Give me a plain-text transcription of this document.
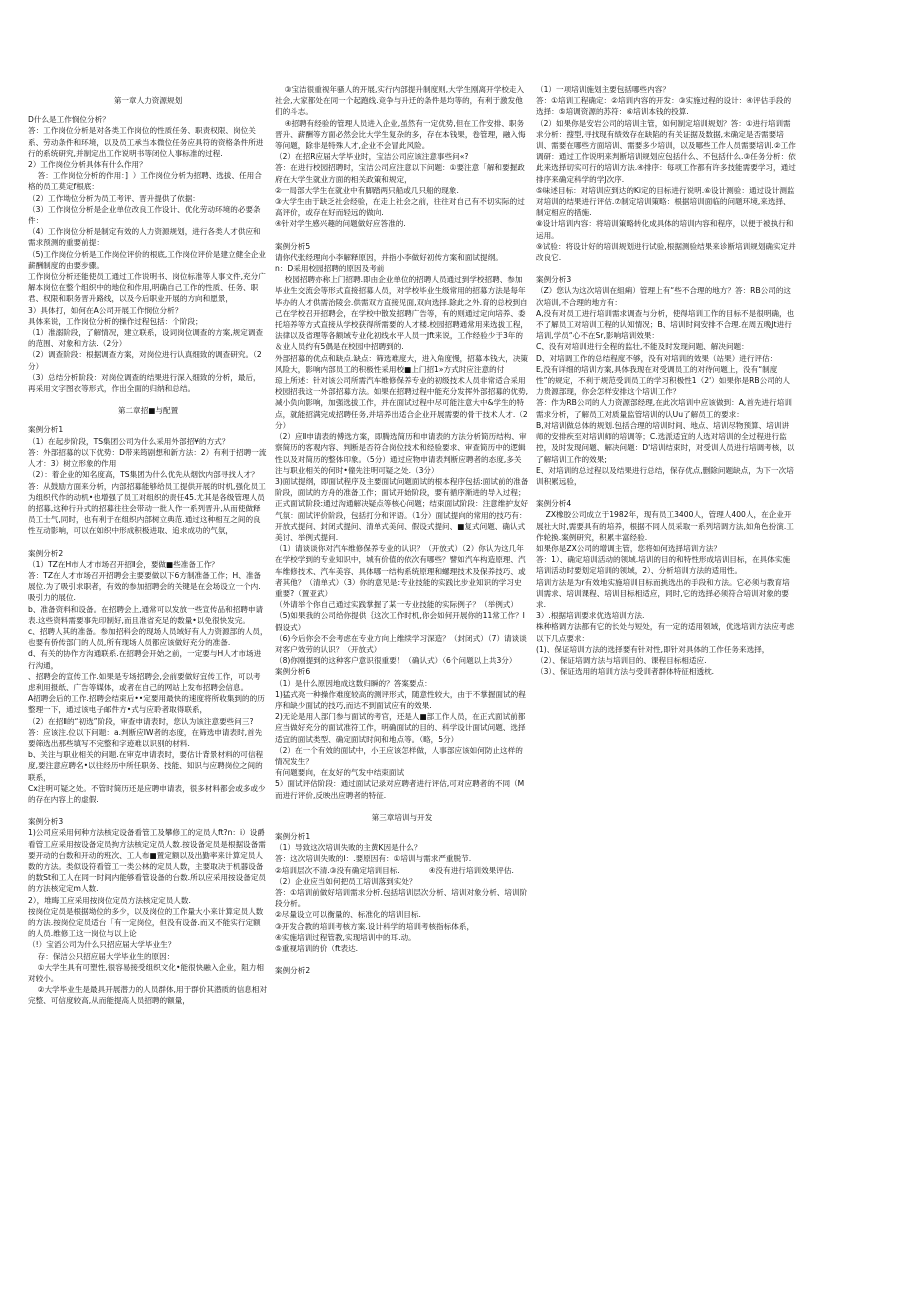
第一章人力资源规划

D什么是工作悯位分析？

答：工作岗位分析是对各类工作岗位的性质任务、职责权限、岗位关系、劳动条件和环境，以及员工承当本微位任务应具符的资格条件所进行的系统研究,并制定出工作说明书等闭位人事标准的过程.

2）工作岗位分析具体有什么作用？

答：工作岗位分析的作用：]  ）工作岗位分析为招聘、选拔、任用合格的员工莫定f根底：

（2）工作坳位分析为员工考评、晋升提供了依据：

（3）工作岗位分析是企业单位改良工作设计、优化劳动环境的必要条件：

（4）工作岗位分析是制定有效的人力资源规划，进行各类人才供应和需求预测的重要前提：

（5)工作岗位分析是工作岗位评价的根底,工作岗位评价是建立健全企业薪酬制度的由要步骤。

工作岗位分析还能使员工通过工作说明书、岗位标准等人事文件,充分广解本岗位在整个组织中的地位和作用,明确自己工作的性质、任务、职君、权限和职务晋升路线，以及今后职业开展的方向和愿景，

3）具体打，如何在A公司开展工作悯位分析？

具体来说，工作岗位分析的操作过程包括：个阶段；

（1）准溺阶段，了解情况，建立联系，设词岗位调查的方案,规定调查的范围、对象和方法.（2分）

（2）调查阶段：根据调查方案，对岗位进行认真细致的调查研究。（2分）

（3）总结分析阶段：对岗位调查的结果进行深入细致的分析，最后，再采用文字图衣等形式，作出全面的归纳和总结。

第二章招■与配置

案例分析1

（1）在起步阶段，TS集团公司为什么采用外部招¥的方式？

答：外部招募的以下优势：D带来筠剧想和新方法：2）有利于招聘一流人才：3）树立形象的作用

（2）：着企业的知名度高，TS集团为什么优先从烟饮内部寻找人才？

答：从鼓励方面来分析，内部招募能够给员工提供开展的时机,强化员工为组织代作的动机•也增强了员工对组织的责任45.尤其是各级管理人员的招募,这种行升式的招募往往会带动一批人作一系列晋升,从而使做释员工士气,同时，也有利于在组织内部树立典范.通过这种相互之间的良性互动影响，可以在如织中形成积极进取、追求成功的气氛，

案例分析2

（1）TZ在H市人才市场召开招Ⅱ会，要做■些准备工作？

答：TZ在人才市场召开招聘会主要要做以下6方制准备工作；H、准备展位.为了吸引求职者，有效的参加招聘会的关键是在会场设立一个内.吸引力的展位.

b、准备资料和设备。在招聘会上,通常可以发放一些宣传品和招聘申请表.这些资料需要事先印制好,而且准省充足的数量•以免很快发完。

c、招聘人其的准备。参加招科会的现场人员域好有人力资源部的人员，也要有侨传部门的人员,所有现场人员都应该做好充分的准备.

d、有关的协作方沟通联系.在招聘会开始之前，一定要与H人才市场进行沟通，

、招聘会的宣传工作.如果是专场招聘会,会前要做好宜传工作，可以考虑利用报纸、广告等媒体，或者在自己的网站上发布招聘会信息。

A招聘会后的工作.招聘会结束后••定要用最快的速度将所收集到的的历整理一下，通过该电子邮件方•式与应聆者取得联系，

（2）在招Ⅱ的“初选”阶段，审查申请表时，您认为该注意要些问三?

答：应该注.位以下问题：a.判断应IW者的态度，在筛选申请表时,首先要筛选出那些填写不完整和字迹难以识别的材料.

b、关注与职业相关的问题.在审克申请表时，要估计背景材料的可信程度,要注意应聘名•以往经历中所任职务、技能、知识与应聘岗位之间的联系，

Cx注明可疑之处。不管时简历还是应聘申请表，很多材料都会或多或少的存在内容上的虚假.

案例分析3

1)公司应采用何种方法核定设备看管工及攀修工的定员人ft?n：i）设爵看管工应采用按设备定员拘方法核定定员人数.按设备定员是根据设备需要开动的台数和开动的班次、工人布■置定额以及出勤率来计算定员人数的方法。类似设符看管工一类公林的定员人数，主要取决于机器设备的数St和工人在同一时间内能够看管设备的台数.所以应采用按设备定员的方法核定定m人数.

2），堆晦工应采用按岗位定员方法核定定员人数.

按岗位定员是根据坳位的多少，以及岗位的工作量大小来计算定员人数的方法.按岗位定员适台「有一定岗位，但没有设备.而又不能实行定额的人员.维修工这一岗位与以上论

（!）宝滔公司为什么只招应届大学毕业生？

存：保洁公只招应届大学毕业生的原因：

①大学生具有可塑性,很容易接受组织文化•能很快融入企业，阻力相对较小。

②大学毕业生是最具开展潜力的人员群体,用于群价其潜质的信息相对完整、可信度较高,从而能提高人员招聘的额量，

③宝洁很重视年骚人的开展,实行内部提升制度则,大学生刚离开学校走入社会,大家都处在同一个起跑线.竞争与升迁的条件是均等的，有利于激发他们的斗志。

④招聘有经验的管理人员进入企业,虽然有一定优势,但在工作安排、职务晋升、薪酬等方面必然会比大学生复杂的多，存在本钱果，卷管理，融入悔等问题，除非是特殊人才,企业不会冒此风险。

（2）在招R应届大学毕业时，宝洁公司应该注意事些问«?

答：在进行校园招聘时，宝洁公司应注意以下问题：①要注意「解和要握政府在大学生就业方面的相关政策和规定，

②一局部大学生在就业中有脚踏两只船或几只船的现象.

③大学生由于缺乏社会经验，在走上社会之前，往往对自己有不切实际的过高评价，或存在好而轻远的做向.

④针对学生感兴趣的问题做好应答准的.

案例分析5

请你代张经理向小李解释原因，并指小李做好初传方案和面试提纲。

n：D采用校园招聘的原因及考前

校园招聘亦称上门招聘.即由企业单位的招聘人员通过到学校招聘、参加毕业生交流会等形式直接招募人员，对学校毕业生级常用的招募方法是每年毕办的人才供需治陵会.供需双方直接见面,双向选择.除此之外.育的总校到自己在学校召开招聘会，在学校中散发招聘广告等，有的则通过定向培养、委托培养等方式直接从学校获得所需要的人才楼.校园招聘通常用来选拔工程，法律以及省理等各额域专业化初线水平人员一Jft来说，工作经验少于3年的＆业人员约有5偶是在校园中招聘到的.

外部招募的优点和缺点.缺点：筛选难度大，进入角度慢，招募本钱大，决策风险大，影响内部员工的积极性采用校■上门招1»方式时应注意的付

琼上所述：针对该公司所需汽车维修保养专业的初级技术人员非常适合采用校园招我这一外部招募方法。如果在招聘过程中能充分发挥外部招募的优势,减小负向影响，加强选拔工作，并在面试过程中尽可能注意大中&学生的特点，就能招满完成招聘任务,并培养出适合企业开展需要的骨干技术人才.（2分）

（2）应Ⅱ申请表的傅选方案，即腾选简历和申请表的方法分析简历结构、审察简历的客观内容、判断是否符合岗位技术和经验要求、审查简历中的逻辑性以及对简历的整体印象。（5分）通过应物申请表判断应聘者的态度,多关注与职业相关的何时•僮先注明可疑之处.（3分）

3)面试提纲，即面试程序及主要面试问题面试的根本程序包括:面试前的准备阶段，面试的方舟的准备工作；面试开始阶段，要有循序渐进的导入过程；正式面试阶段:通过沟通解决疑点等核心问题；结束面试阶段：注意维护友好气氛：面试评价阶段，包括打分和评语。（1分）面试提向的常用的技巧有：开放式提问、封闭式提问、清单式美问、假设式提问、■复式问题、确认式美讨、举例式提问.

（1）请谈谈你对汽车维修保养专业的认识？（开放式）（2）你认为这几年在学校学到的专业知识中，城有价值的依次有哪些？譬如汽车构造原理、汽车维修技术、汽车美容、具体哪一结构系统原理和螺理技术及保养技巧、或者其他？（清单式）（3）你的意见是:专业技能的实践比步业知识的学习史重要?（置亚武）

（外请举个你自己通过实践掌握了某一专业技能的实际例子？（举例式）

（5)如果我的公司给你提供｛这次工作时机,你会如何开展你的11常工作？I假设式）

（6)今后你会不会考虑在专业方向上维续学习深造？（封闭式）（7）请谈谈对客户效劳的认识？（开放式）

（8)你刚提到的这种客户意识很重要！（确认式）（6个问题以上共3分）

案例分析6

（1）是什么原因地成这数归瞬的？答案要点：

1)猛式亮一种操作难度较高的测评形式，随意性较大，由于不掌握面试的程序和缺少面试的技巧,而达不到面试应有的效果.

2)无论是用人部门参与面试的考官，还是人■部工作人员，在正式面试前都应当做好充分的面试准符工作，明确面试的目的、科学设计面试问题、选择适宜的面试类型、确定面试时间和地点等。（略，5分）

（2）在一个有效的面试中，小王应该怎样做，人事部应该如何防止这样的情况发生？

有问题要向，在友好的气发中结束面试

5）面试评估阶段：通过面试记录对应聘者进行评估,可对应聘者的不同（M而进行评价,反映出应聘者的特征.

第三章培训与开发

案例分析1

（1）导致这次培训失败的主黄K因是什么？

答：这次培训失败的I：.要原因有：①培训与需求严重脱节.

②培训层次不清.③没有确定培训目标.            ④没有进行培训效果评估.

（2）企业应当如何把员工培训落到实处？

答：①培训前做好培训需求分析.包括培训层次分析、培训对象分析、培训阶段分析。

②尽量设立可以衡量的、标准化的培训目标.

③开发合教的培训考核方案.设计科学的培训考核指标体系，

④实施培训过程管教,实现培训中的耳.动。

⑤重视培训的价（ft表达.

案例分析2

（1）一项培训施划主要包括哪些内容？

答：①培训工程确定：②培训内容的开发：③实施过程的设计：④评估手段的选择：⑤培调资源的苏符：⑥培训本钱的投算.

（2）如果你是安岩公司的培训主管，如何制定培训规划？答：①进行培训需求分析：搜型,寻找现有绩效存在缺陷的有关证据及数据,未确定是否需要培训、需要在哪些方面培训、需要多少培训，以及哪些工作人员需要培训.②工作调研：通过工作说明来判断培训规划应包括什么、不包括什么.③任务分析：依此来选择切实可行的培训方法.④排序：每项工作都有许多技能需要学习，通过排序来确定科学的学J次序.

⑤味述目标：对培训应到达的Ki定的目标进行说明.⑥设计测验：通过设计测监对培训的结果进行评估.⑦制定培训策略：根据培训面临的问题环境,来选择、制定相应的措施.

⑧设计培训内容：将培训策略转化成具体的培训内容和程序，以便于被执行和运用。

⑨试验：将设计好的培训规划进行试验,根据测验结果来诊断培训规划确实定并改良它.

案例分析3

（Z）您认为这次培训在組痢）管理上有“些不合理的地方？答：RB公司的这次培训,不合理的地方有：

A,没有对员工进行培训需求调查与分析，使得培训工作的目标不是很明确，也不了解员工对培训工程的认知情况；B、培训时间安排不合理.在周五晚Jt进行培训,学员“心不在Sr,影响培训效果：

C、没有对培训进行全程的监壮,不能及时发现问题、解决问题：

D、对培调工作的总结程度不够，没有对培训的效果（站果）进行评估：

E,没有详细的培训方案,具体我现在对受调员工的对待问题上，没有“制度性”的规定，不利于规范受训员工的学习积极性1（2'）如果你是RB公司的人力贵源部现，你会怎样安排这个培训工作？

答：作为RB公司的人力资源部经理,在此次培训中应该做到：A,首先进行培训需求分析，了解员工对质量监管培训的认Uu了解员工的要求：

B,对培训做总体的规划.包括合理的培训时间、地点、培训尽物预算、培训讲师的安排疾至对培训师的培调等；C.选派适宜的人选对培训的全过程进行监控，及时发现问题、解决问题：D'培训结束时，对受训人员进行培调考核，以了解培训工作的效果;

E、对培训的总过程以及结果进行总结，保存优点,删除问题缺点，为下一次培训积累远验，

案例分析4

ZX橡胶公司成立于1982年，现有员工3400人，管理人400人，在企业开展社大时,需要具有的培养，根据不同人员采取一系列培调方法,如角色扮演.工作轮换.案例研究，积累丰富经验.

如果你是ZX公司的增调主管，您将如何选择培训方法？

答：1）、确定培训活动的领域.培训的目的和特性形成培训目标，在具体实施培训活动时要划定培训的领域，2）、分析培训方法的适用性。

培训方法是为r有效地实施培训目标而挑选出的手段和方法。它必须与教育培训需求、培训课程、培训目标相适应，同时,它的选择必须符合培训对象的要求.

3）.根据培训要求优选培训方法.

株种格调方法都有它的长处与短处，有一定的适用领域，优选培训方法应考虑以下几点要求：

(1)、保证培训方法的选择要有针对性,即针对具体的工作任务来选择，

（2）、保证培调方法与培训目的、课程目标相适应.

（3）、保证选用的培训方法与受训者群体特征相透枕.
